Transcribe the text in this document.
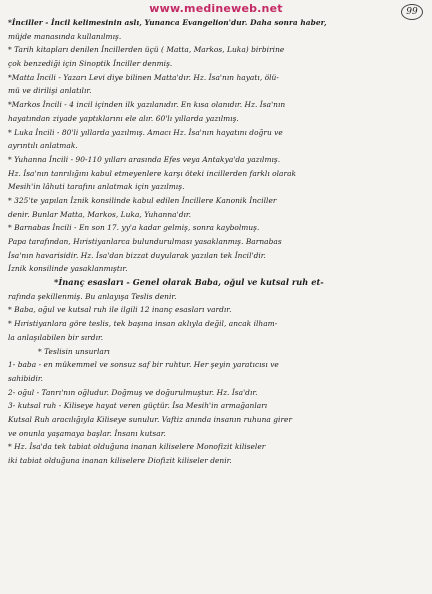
www.medineweb.net	99
*İnciller - İncil kelimesinin aslı, Yunanca Evangelion'dur. Daha sonra haber,
müjde manasında kullanılmış.
* Tarih kitapları denilen İncillerden üçü ( Matta, Markos, Luka) birbirine
çok benzediği için Sinoptik İnciller denmiş.
*Matta İncili - Yazarı Levi diye bilinen Matta'dır. Hz. İsa'nın hayatı, ölü-
mü ve dirilişi anlatılır.
*Markos İncili - 4 incil içinden ilk yazılanıdır. En kısa olanıdır. Hz. İsa'nın
hayatından ziyade yaptıklarını ele alır. 60'lı yıllarda yazılmış.
* Luka İncili - 80'li yıllarda yazılmış. Amacı Hz. İsa'nın hayatını doğru ve
ayrıntılı anlatmak.
* Yuhanna İncili - 90-110 yılları arasında Efes veya Antakya'da yazılmış.
Hz. İsa'nın tanrılığını kabul etmeyenlere karşı öteki incillerden farklı olarak
Mesih'in lâhuti tarafını anlatmak için yazılmış.
* 325'te yapılan İznik konsilinde kabul edilen İncillere Kanonik İnciller
denir. Bunlar Matta, Markos, Luka, Yuhanna'dır.
* Barnabas İncili - En son 17. yy'a kadar gelmiş, sonra kaybolmuş.
Papa tarafından, Hıristiyanlarca bulundurulması yasaklanmış. Barnabas
İsa'nın havarisidir. Hz. İsa'dan bizzat duyularak yazılan tek İncil'dir.
İznik konsilinde yasaklanmıştır.
*İnanç esasları - Genel olarak Baba, oğul ve kutsal ruh et-
rafında şekillenmiş. Bu anlayışa Teslis denir.
* Baba, oğul ve kutsal ruh ile ilgili 12 inanç esasları vardır.
* Hıristiyanlara göre teslis, tek başına insan aklıyla değil, ancak ilham-
la anlaşılabilen bir sırdır.
* Teslisin unsurları
1- baba - en mükemmel ve sonsuz saf bir ruhtur. Her şeyin yaratıcısı ve
sahibidir.
2- oğul - Tanrı'nın oğludur. Doğmuş ve doğurulmuştur. Hz. İsa'dır.
3- kutsal ruh - Kiliseye hayat veren güçtür. İsa Mesih'in armağanları
Kutsal Ruh aracılığıyla Kiliseye sunulur. Vaftiz anında insanın ruhuna girer
ve onunla yaşamaya başlar. İnsanı kutsar.
* Hz. İsa'da tek tabiat olduğuna inanan kiliselere Monofizit kiliseler
iki tabiat olduğuna inanan kiliselere Diofizit kiliseler denir.
